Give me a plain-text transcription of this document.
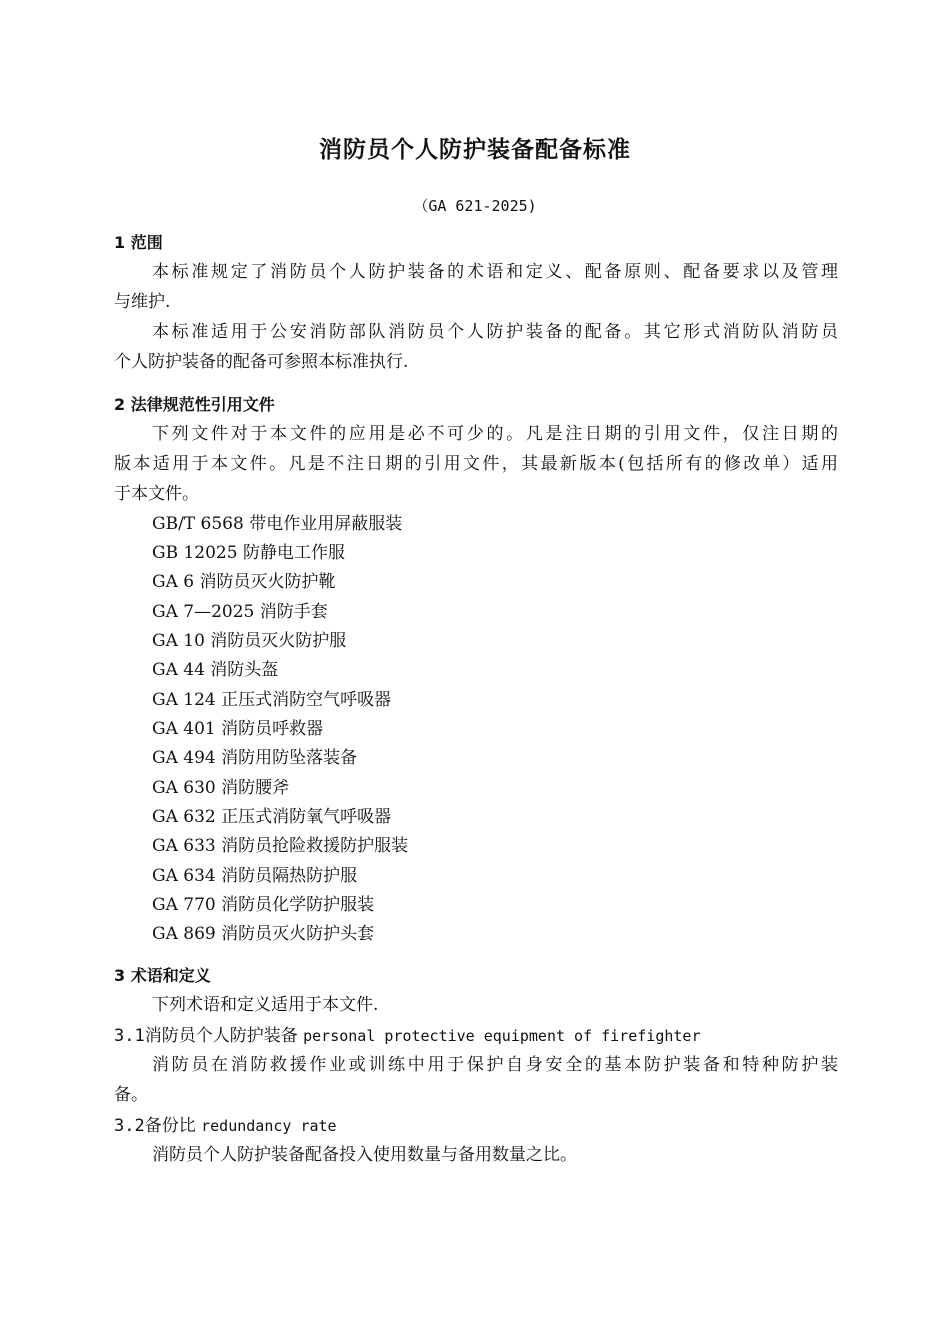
消防员个人防护装备配备标准
（GA 621-2025)
1 范围
本标准规定了消防员个人防护装备的术语和定义、配备原则、配备要求以及管理
与维护.
本标准适用于公安消防部队消防员个人防护装备的配备。其它形式消防队消防员
个人防护装备的配备可参照本标准执行.
2 法律规范性引用文件
下列文件对于本文件的应用是必不可少的。凡是注日期的引用文件，仅注日期的
版本适用于本文件。凡是不注日期的引用文件，其最新版本(包括所有的修改单）适用
于本文件。
GB/T 6568 带电作业用屏蔽服装
GB 12025 防静电工作服
GA 6 消防员灭火防护靴
GA 7—2025 消防手套
GA 10 消防员灭火防护服
GA 44 消防头盔
GA 124 正压式消防空气呼吸器
GA 401 消防员呼救器
GA 494 消防用防坠落装备
GA 630 消防腰斧
GA 632 正压式消防氧气呼吸器
GA 633 消防员抢险救援防护服装
GA 634 消防员隔热防护服
GA 770 消防员化学防护服装
GA 869 消防员灭火防护头套
3 术语和定义
下列术语和定义适用于本文件.
3.1消防员个人防护装备 personal protective equipment of firefighter
消防员在消防救援作业或训练中用于保护自身安全的基本防护装备和特种防护装
备。
3.2备份比 redundancy rate
消防员个人防护装备配备投入使用数量与备用数量之比。
